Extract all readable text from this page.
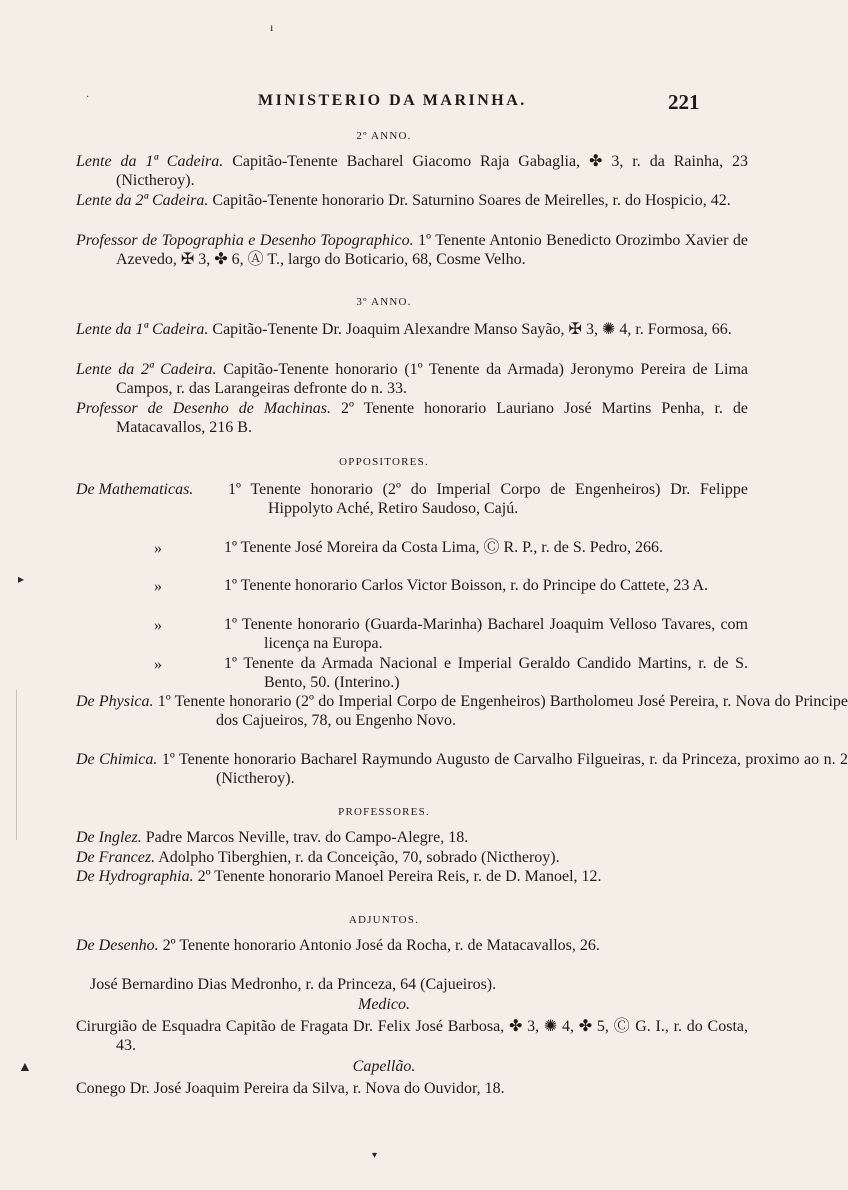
ı
·
▸
▲
MINISTERIO DA MARINHA.	221
2º ANNO.
Lente da 1ª Cadeira. Capitão-Tenente Bacharel Giacomo Raja Gabaglia, ✤ 3, r. da Rainha, 23 (Nictheroy).
Lente da 2ª Cadeira. Capitão-Tenente honorario Dr. Saturnino Soares de Meirelles, r. do Hospicio, 42.
Professor de Topographia e Desenho Topographico. 1º Tenente Antonio Benedicto Orozimbo Xavier de Azevedo, ✠ 3, ✤ 6, Ⓐ T., largo do Boticario, 68, Cosme Velho.
3º ANNO.
Lente da 1ª Cadeira. Capitão-Tenente Dr. Joaquim Alexandre Manso Sayão, ✠ 3, ✺ 4, r. Formosa, 66.
Lente da 2ª Cadeira. Capitão-Tenente honorario (1º Tenente da Armada) Jeronymo Pereira de Lima Campos, r. das Larangeiras defronte do n. 33.
Professor de Desenho de Machinas. 2º Tenente honorario Lauriano José Martins Penha, r. de Matacavallos, 216 B.
OPPOSITORES.
De Mathematicas. 1º Tenente honorario (2º do Imperial Corpo de Engenheiros) Dr. Felippe Hippolyto Aché, Retiro Saudoso, Cajú.
»	1º Tenente José Moreira da Costa Lima, Ⓒ R. P., r. de S. Pedro, 266.
»	1º Tenente honorario Carlos Victor Boisson, r. do Principe do Cattete, 23 A.
»	1º Tenente honorario (Guarda-Marinha) Bacharel Joaquim Velloso Tavares, com licença na Europa.
»	1º Tenente da Armada Nacional e Imperial Geraldo Candido Martins, r. de S. Bento, 50. (Interino.)
De Physica. 1º Tenente honorario (2º do Imperial Corpo de Engenheiros) Bartholomeu José Pereira, r. Nova do Principe dos Cajueiros, 78, ou Engenho Novo.
De Chimica. 1º Tenente honorario Bacharel Raymundo Augusto de Carvalho Filgueiras, r. da Princeza, proximo ao n. 2 (Nictheroy).
PROFESSORES.
De Inglez. Padre Marcos Neville, trav. do Campo-Alegre, 18.
De Francez. Adolpho Tiberghien, r. da Conceição, 70, sobrado (Nictheroy).
De Hydrographia. 2º Tenente honorario Manoel Pereira Reis, r. de D. Manoel, 12.
ADJUNTOS.
De Desenho. 2º Tenente honorario Antonio José da Rocha, r. de Matacavallos, 26.
José Bernardino Dias Medronho, r. da Princeza, 64 (Cajueiros).
Medico.
Cirurgião de Esquadra Capitão de Fragata Dr. Felix José Barbosa, ✤ 3, ✺ 4, ✤ 5, Ⓒ G. I., r. do Costa, 43.
Capellão.
Conego Dr. José Joaquim Pereira da Silva, r. Nova do Ouvidor, 18.
▾
